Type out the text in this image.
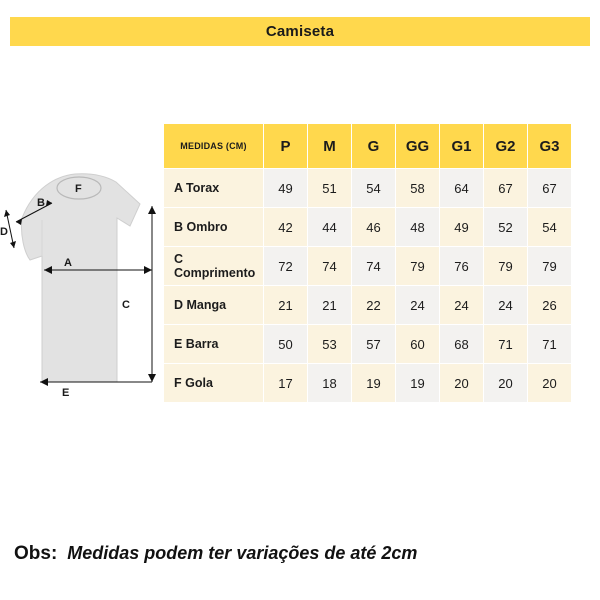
Camiseta
F
B
D
A
C
E
MEDIDAS (CM)	P	M	G	GG	G1	G2	G3
A Torax	49	51	54	58	64	67	67
B Ombro	42	44	46	48	49	52	54
C Comprimento	72	74	74	79	76	79	79
D Manga	21	21	22	24	24	24	26
E Barra	50	53	57	60	68	71	71
F Gola	17	18	19	19	20	20	20
Obs: Medidas podem ter variações de até 2cm
